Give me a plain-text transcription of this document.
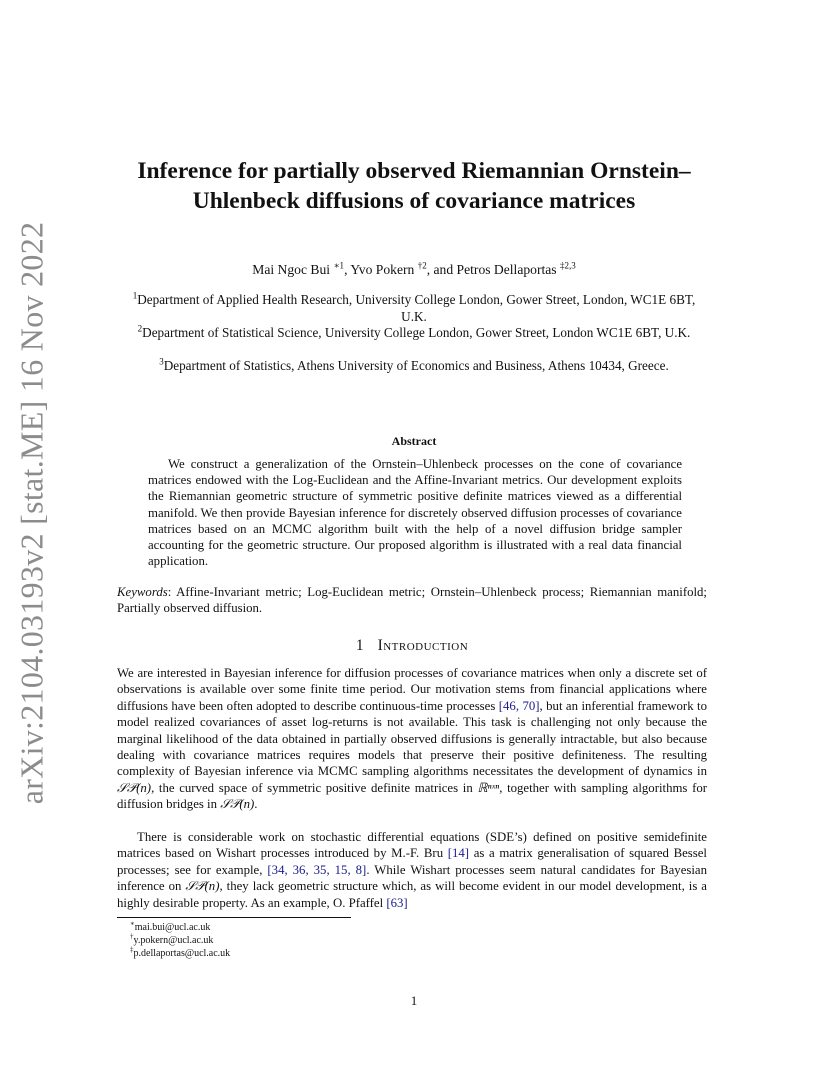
arXiv:2104.03193v2 [stat.ME] 16 Nov 2022
Inference for partially observed Riemannian Ornstein–Uhlenbeck diffusions of covariance matrices
Mai Ngoc Bui $^{∗1}$, Yvo Pokern $^{\dagger 2}$, and Petros Dellaportas $^{\ddagger 2,3}$
$^1$Department of Applied Health Research, University College London, Gower Street, London, WC1E 6BT, U.K.
$^2$Department of Statistical Science, University College London, Gower Street, London WC1E 6BT, U.K.
$^3$Department of Statistics, Athens University of Economics and Business, Athens 10434, Greece.
Abstract

We construct a generalization of the Ornstein–Uhlenbeck processes on the cone of covariance matrices endowed with the Log-Euclidean and the Affine-Invariant metrics. Our development exploits the Riemannian geometric structure of symmetric positive definite matrices viewed as a differential manifold. We then provide Bayesian inference for discretely observed diffusion processes of covariance matrices based on an MCMC algorithm built with the help of a novel diffusion bridge sampler accounting for the geometric structure. Our proposed algorithm is illustrated with a real data financial application.

Keywords: Affine-Invariant metric; Log-Euclidean metric; Ornstein–Uhlenbeck process; Riemannian manifold; Partially observed diffusion.

1 Introduction

We are interested in Bayesian inference for diffusion processes of covariance matrices when only a discrete set of observations is available over some finite time period. Our motivation stems from financial applications where diffusions have been often adopted to describe continuous-time processes [46, 70], but an inferential framework to model realized covariances of asset log-returns is not available. This task is challenging not only because the marginal likelihood of the data obtained in partially observed diffusions is generally intractable, but also because dealing with covariance matrices requires models that preserve their positive definiteness. The resulting complexity of Bayesian inference via MCMC sampling algorithms necessitates the development of dynamics in 𝒮𝒫(n), the curved space of symmetric positive definite matrices in ℝⁿˣⁿ, together with sampling algorithms for diffusion bridges in 𝒮𝒫(n).

There is considerable work on stochastic differential equations (SDE’s) defined on positive semidefinite matrices based on Wishart processes introduced by M.-F. Bru [14] as a matrix generalisation of squared Bessel processes; see for example, [34, 36, 35, 15, 8]. While Wishart processes seem natural candidates for Bayesian inference on 𝒮𝒫(n), they lack geometric structure which, as will become evident in our model development, is a highly desirable property. As an example, O. Pfaffel [63]

∗mai.bui@ucl.ac.uk
†y.pokern@ucl.ac.uk
‡p.dellaportas@ucl.ac.uk
1
